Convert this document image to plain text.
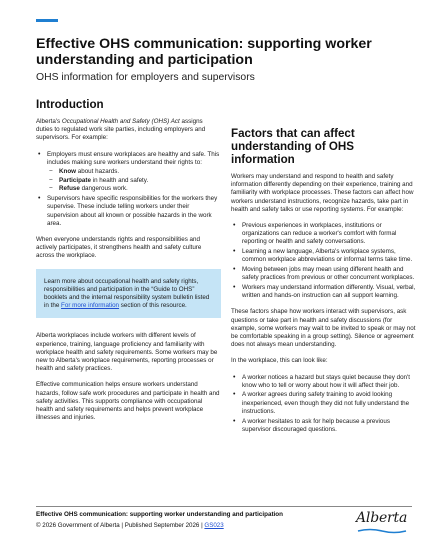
Effective OHS communication: supporting worker understanding and participation
OHS information for employers and supervisors
Introduction

Alberta's Occupational Health and Safety (OHS) Act assigns duties to regulated work site parties, including employers and supervisors. For example:

• Employers must ensure workplaces are healthy and safe. This includes making sure workers understand their rights to:
− Know about hazards.
− Participate in health and safety.
− Refuse dangerous work.
• Supervisors have specific responsibilities for the workers they supervise. These include telling workers under their supervision about all known or possible hazards in the work area.

When everyone understands rights and responsibilities and actively participates, it strengthens health and safety culture across the workplace.

Learn more about occupational health and safety rights, responsibilities and participation in the “Guide to OHS” booklets and the internal responsibility system bulletin listed in the For more information section of this resource.

Alberta workplaces include workers with different levels of experience, training, language proficiency and familiarity with workplace health and safety requirements. Some workers may be new to Alberta's workplace requirements, reporting processes or health and safety practices.

Effective communication helps ensure workers understand hazards, follow safe work procedures and participate in health and safety activities. This supports compliance with occupational health and safety requirements and helps prevent workplace illnesses and injuries.

Factors that can affect understanding of OHS information

Workers may understand and respond to health and safety information differently depending on their experience, training and familiarity with workplace processes. These factors can affect how workers understand instructions, recognize hazards, take part in health and safety talks or use reporting systems. For example:

• Previous experiences in workplaces, institutions or organizations can reduce a worker's comfort with formal reporting or health and safety conversations.
• Learning a new language, Alberta's workplace systems, common workplace abbreviations or informal terms take time.
• Moving between jobs may mean using different health and safety practices from previous or other concurrent workplaces.
• Workers may understand information differently. Visual, verbal, written and hands-on instruction can all support learning.

These factors shape how workers interact with supervisors, ask questions or take part in health and safety discussions (for example, some workers may wait to be invited to speak or may not be comfortable speaking in a group setting). Silence or agreement does not always mean understanding.

In the workplace, this can look like:

• A worker notices a hazard but stays quiet because they don't know who to tell or worry about how it will affect their job.
• A worker agrees during safety training to avoid looking inexperienced, even though they did not fully understand the instructions.
• A worker hesitates to ask for help because a previous supervisor discouraged questions.
Effective OHS communication: supporting worker understanding and participation
© 2026 Government of Alberta | Published September 2026 | GS023	Alberta
